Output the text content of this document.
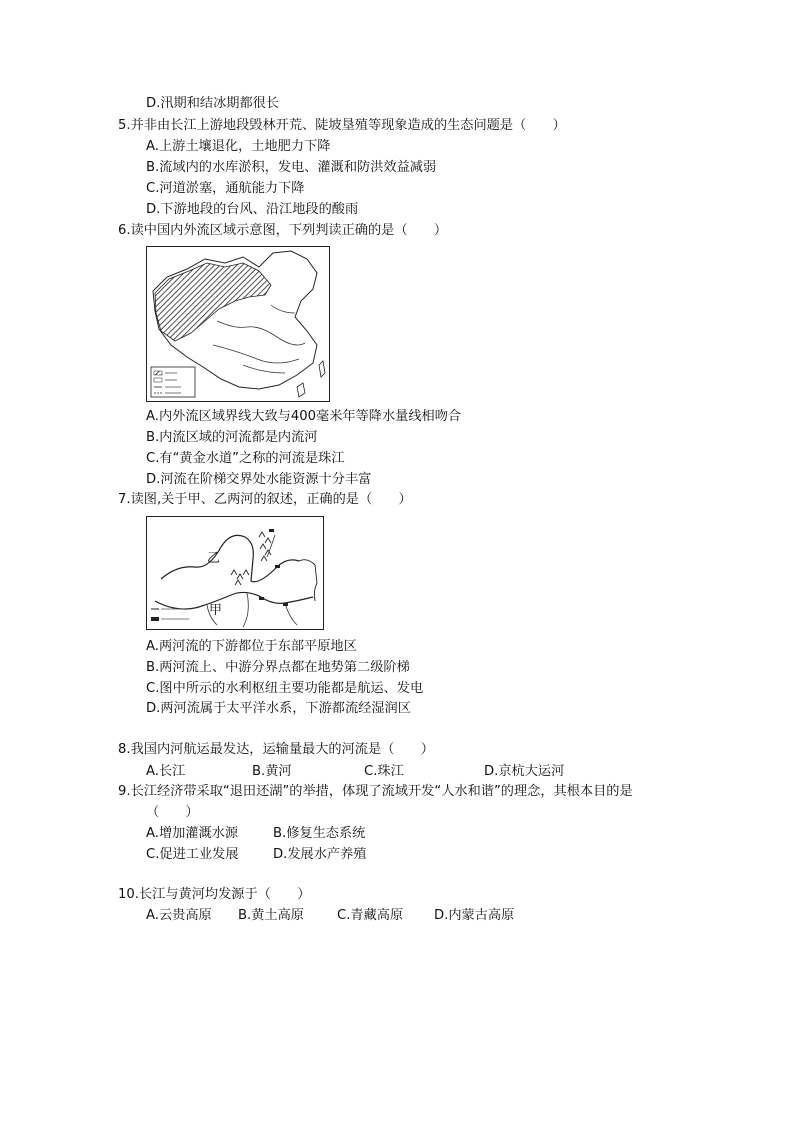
D.汛期和结冰期都很长
5.并非由长江上游地段毁林开荒、陡坡垦殖等现象造成的生态问题是（　　）
A.上游土壤退化，土地肥力下降
B.流域内的水库淤积，发电、灌溉和防洪效益减弱
C.河道淤塞，通航能力下降
D.下游地段的台风、沿江地段的酸雨
6.读中国内外流区域示意图，下列判读正确的是（　　）
A.内外流区域界线大致与400毫米年等降水量线相吻合
B.内流区域的河流都是内流河
C.有“黄金水道”之称的河流是珠江
D.河流在阶梯交界处水能资源十分丰富
7.读图,关于甲、乙两河的叙述，正确的是（　　）
乙
甲
A.两河流的下游都位于东部平原地区
B.两河流上、中游分界点都在地势第二级阶梯
C.图中所示的水利枢纽主要功能都是航运、发电
D.两河流属于太平洋水系，下游都流经湿润区
8.我国内河航运最发达，运输量最大的河流是（　　）
A.长江	B.黄河	C.珠江	D.京杭大运河
9.长江经济带采取“退田还湖”的举措，体现了流域开发“人水和谐”的理念，其根本目的是
（　　）
A.增加灌溉水源	B.修复生态系统
C.促进工业发展	D.发展水产养殖
10.长江与黄河均发源于（　　）
A.云贵高原 B.黄土高原	C.青藏高原 D.内蒙古高原
